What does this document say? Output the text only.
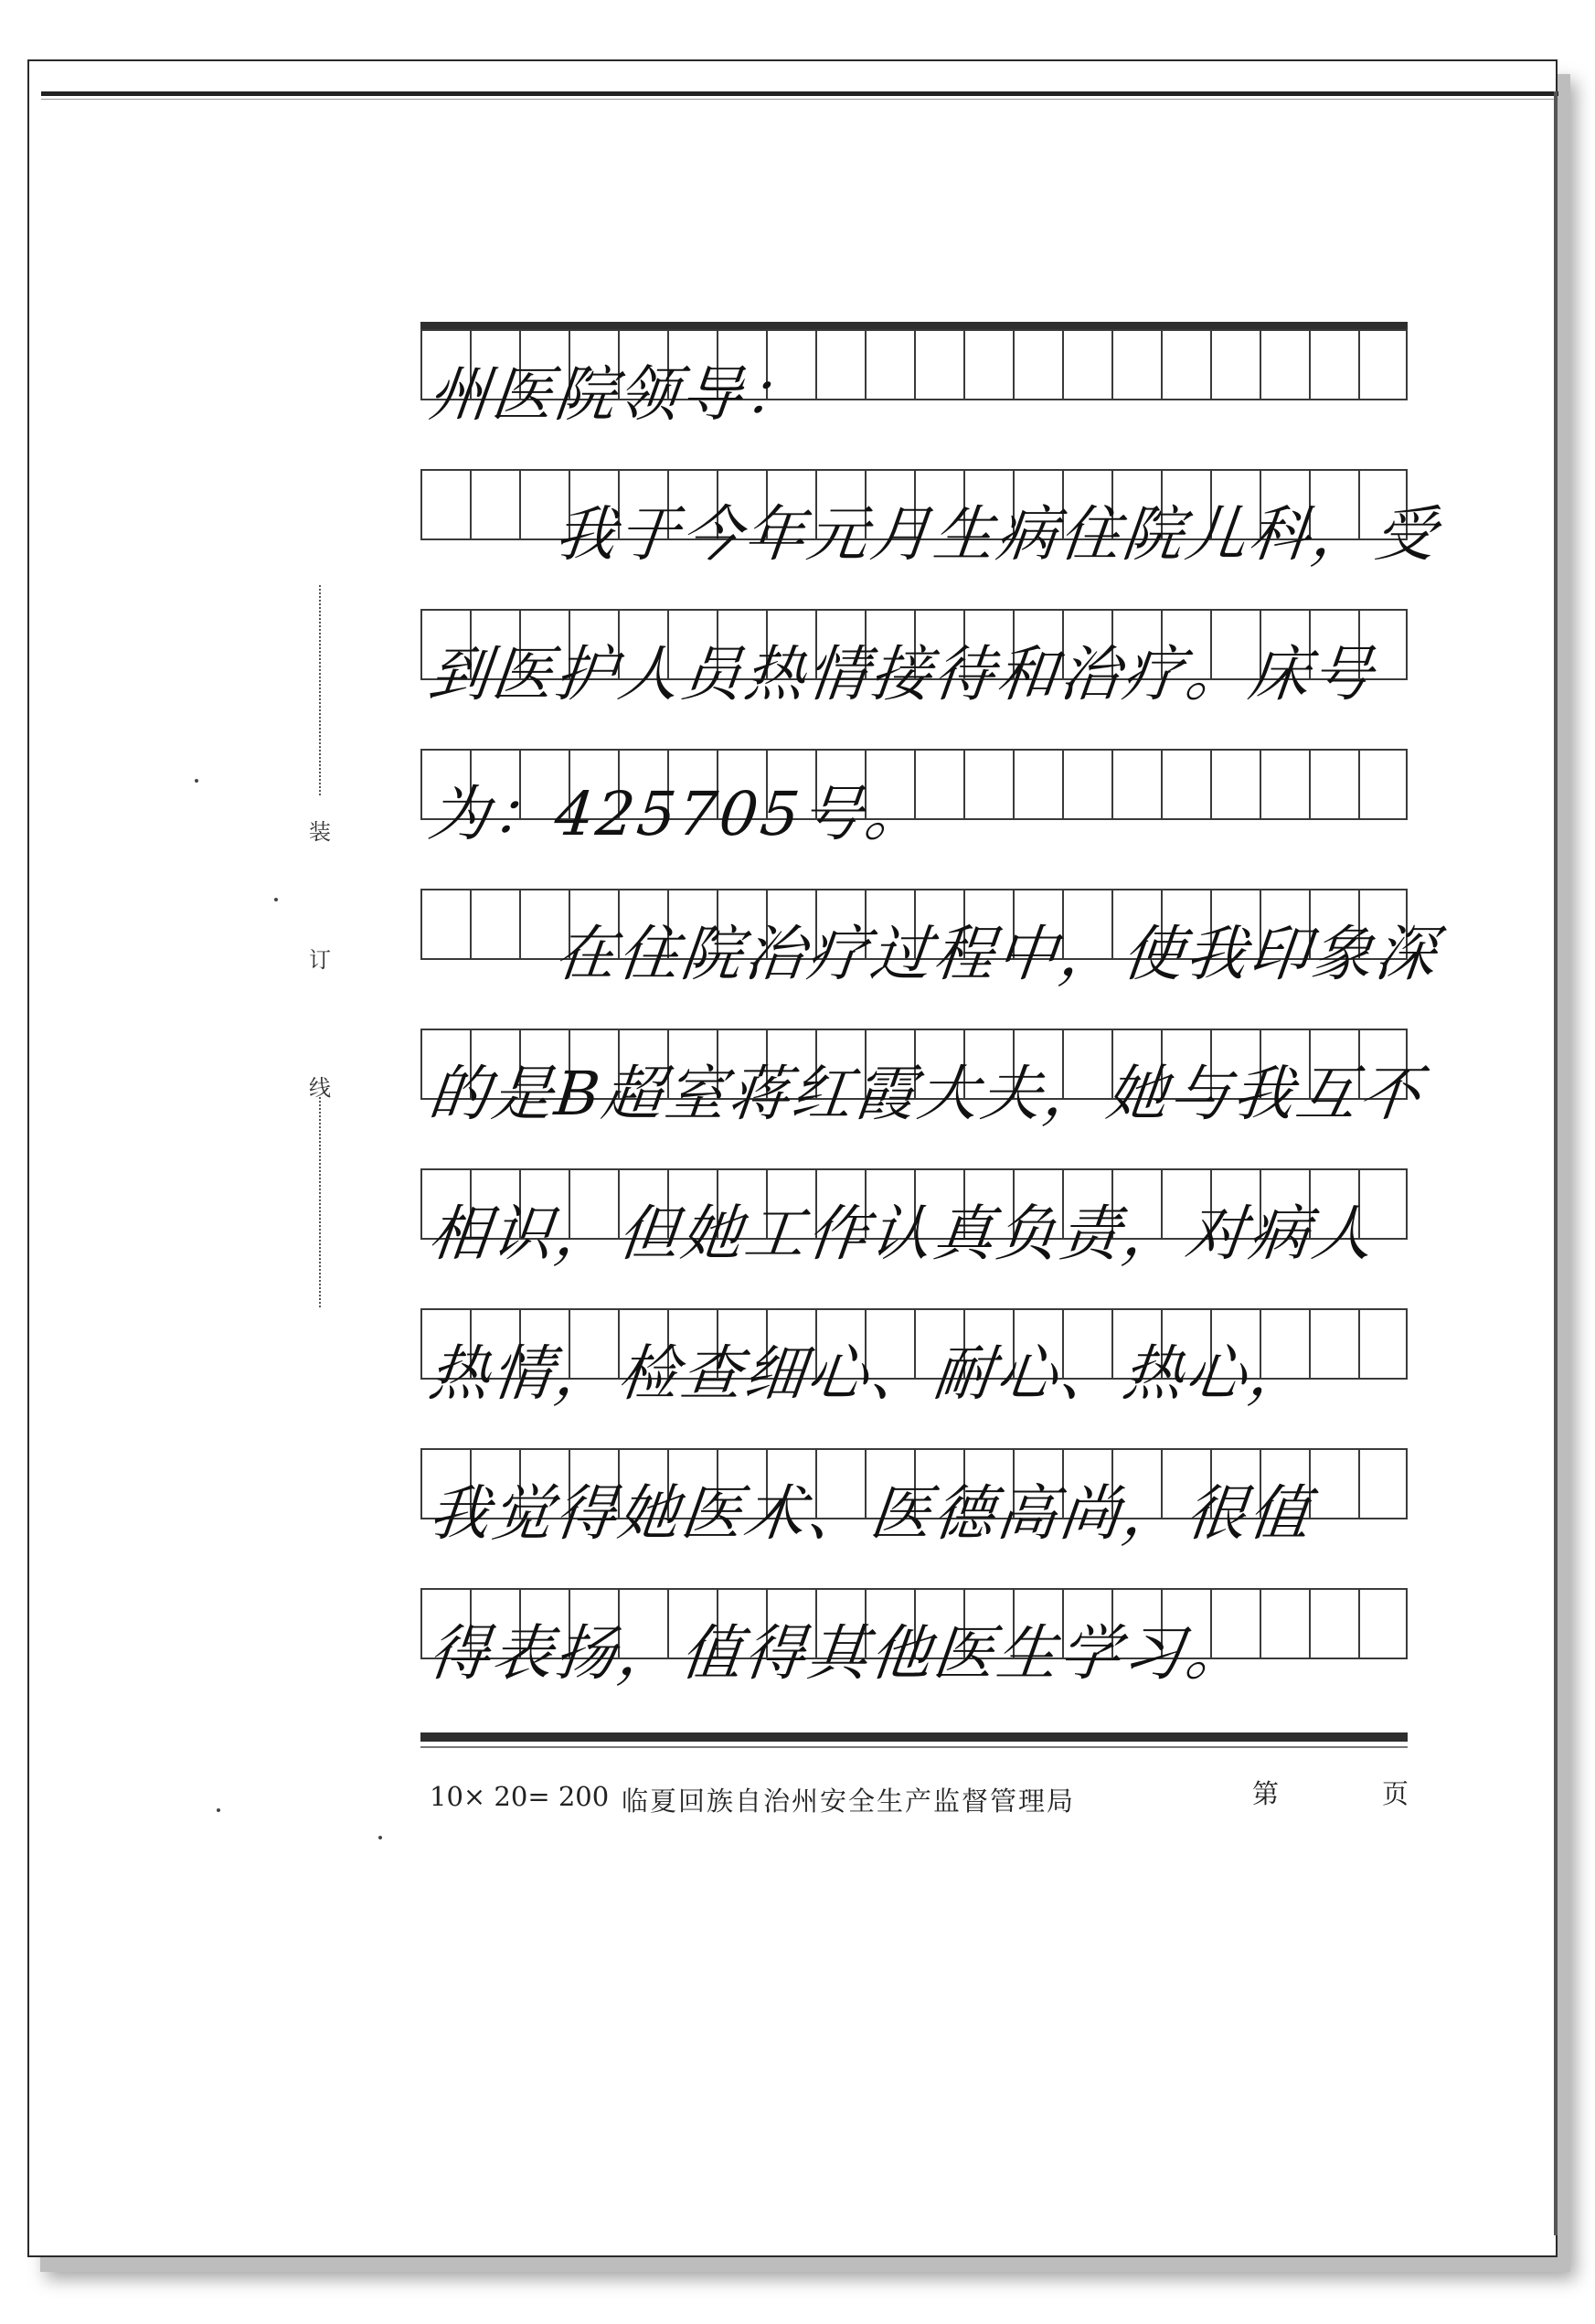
装
订
线
州医院领导：
　　我于今年元月生病住院儿科，受
到医护人员热情接待和治疗。床号
为：425705号。
　　在住院治疗过程中，使我印象深
的是B超室蒋红霞大夫，她与我互不
相识，但她工作认真负责，对病人
热情，检查细心、耐心、热心，
我觉得她医术、医德高尚，很值
得表扬，值得其他医生学习。
10× 20= 200 临夏回族自治州安全生产监督管理局	第	页
